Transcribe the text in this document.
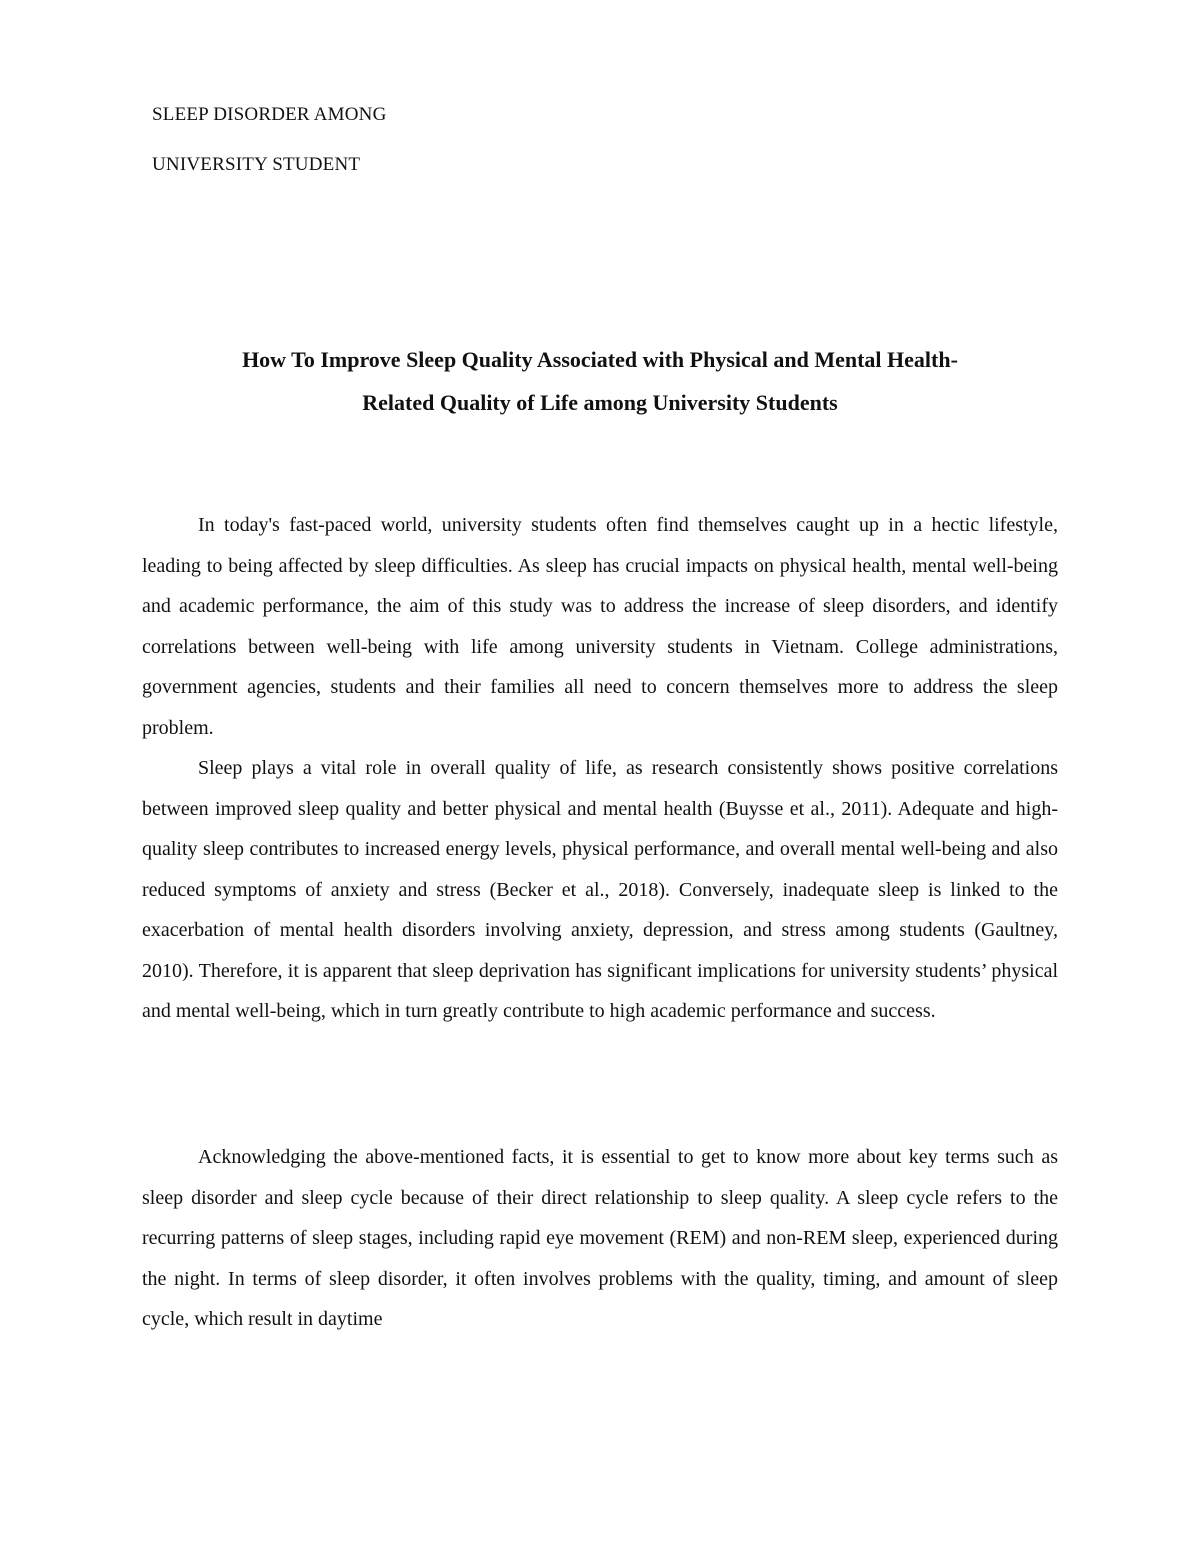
SLEEP DISORDER AMONG
UNIVERSITY STUDENT
How To Improve Sleep Quality Associated with Physical and Mental Health-
Related Quality of Life among University Students

In today's fast-paced world, university students often find themselves caught up in a hectic lifestyle, leading to being affected by sleep difficulties. As sleep has crucial impacts on physical health, mental well-being and academic performance, the aim of this study was to address the increase of sleep disorders, and identify correlations between well-being with life among university students in Vietnam. College administrations, government agencies, students and their families all need to concern themselves more to address the sleep problem.

Sleep plays a vital role in overall quality of life, as research consistently shows positive correlations between improved sleep quality and better physical and mental health (Buysse et al., 2011). Adequate and high-quality sleep contributes to increased energy levels, physical performance, and overall mental well-being and also reduced symptoms of anxiety and stress (Becker et al., 2018). Conversely, inadequate sleep is linked to the exacerbation of mental health disorders involving anxiety, depression, and stress among students (Gaultney, 2010). Therefore, it is apparent that sleep deprivation has significant implications for university students’ physical and mental well-being, which in turn greatly contribute to high academic performance and success.

Acknowledging the above-mentioned facts, it is essential to get to know more about key terms such as sleep disorder and sleep cycle because of their direct relationship to sleep quality. A sleep cycle refers to the recurring patterns of sleep stages, including rapid eye movement (REM) and non-REM sleep, experienced during the night. In terms of sleep disorder, it often involves problems with the quality, timing, and amount of sleep cycle, which result in daytime
